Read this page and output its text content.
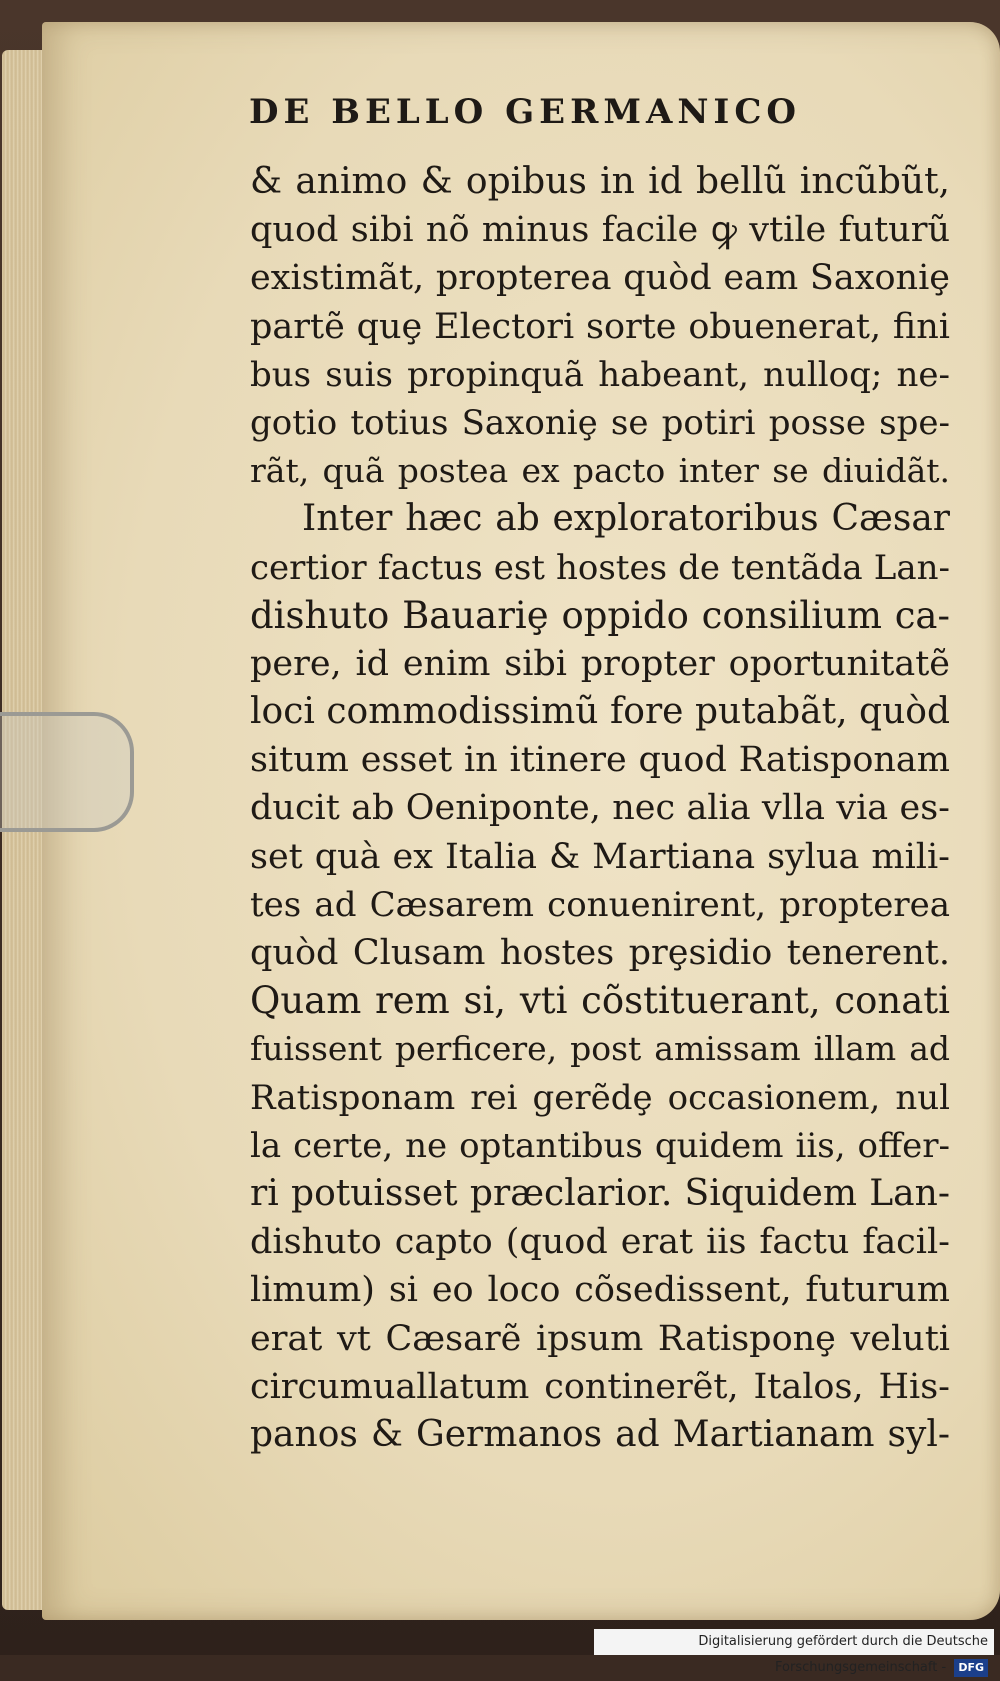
DE BELLO GERMANICO
& animo & opibus in id bellũ incũbũt,
quod sibi nõ minus facile ꝙ vtile futurũ
existimãt, propterea quòd eam Saxoniȩ
partẽ quȩ Electori sorte obuenerat, fini
bus suis propinquã habeant, nulloq; ne-
gotio totius Saxoniȩ se potiri posse spe-
rãt, quã postea ex pacto inter se diuidãt.
Inter hæc ab exploratoribus Cæsar
certior factus est hostes de tentãda Lan-
dishuto Bauariȩ oppido consilium ca-
pere, id enim sibi propter oportunitatẽ
loci commodissimũ fore putabãt, quòd
situm esset in itinere quod Ratisponam
ducit ab Oeniponte, nec alia vlla via es-
set quà ex Italia & Martiana sylua mili-
tes ad Cæsarem conuenirent, propterea
quòd Clusam hostes prȩsidio tenerent.
Quam rem si, vti cõstituerant, conati
fuissent perficere, post amissam illam ad
Ratisponam rei gerẽdȩ occasionem, nul
la certe, ne optantibus quidem iis, offer-
ri potuisset præclarior. Siquidem Lan-
dishuto capto (quod erat iis factu facil-
limum) si eo loco cõsedissent, futurum
erat vt Cæsarẽ ipsum Ratisponȩ veluti
circumuallatum continerẽt, Italos, His-
panos & Germanos ad Martianam syl-
Digitalisierung gefördert durch die Deutsche Forschungsgemeinschaft - DFG
